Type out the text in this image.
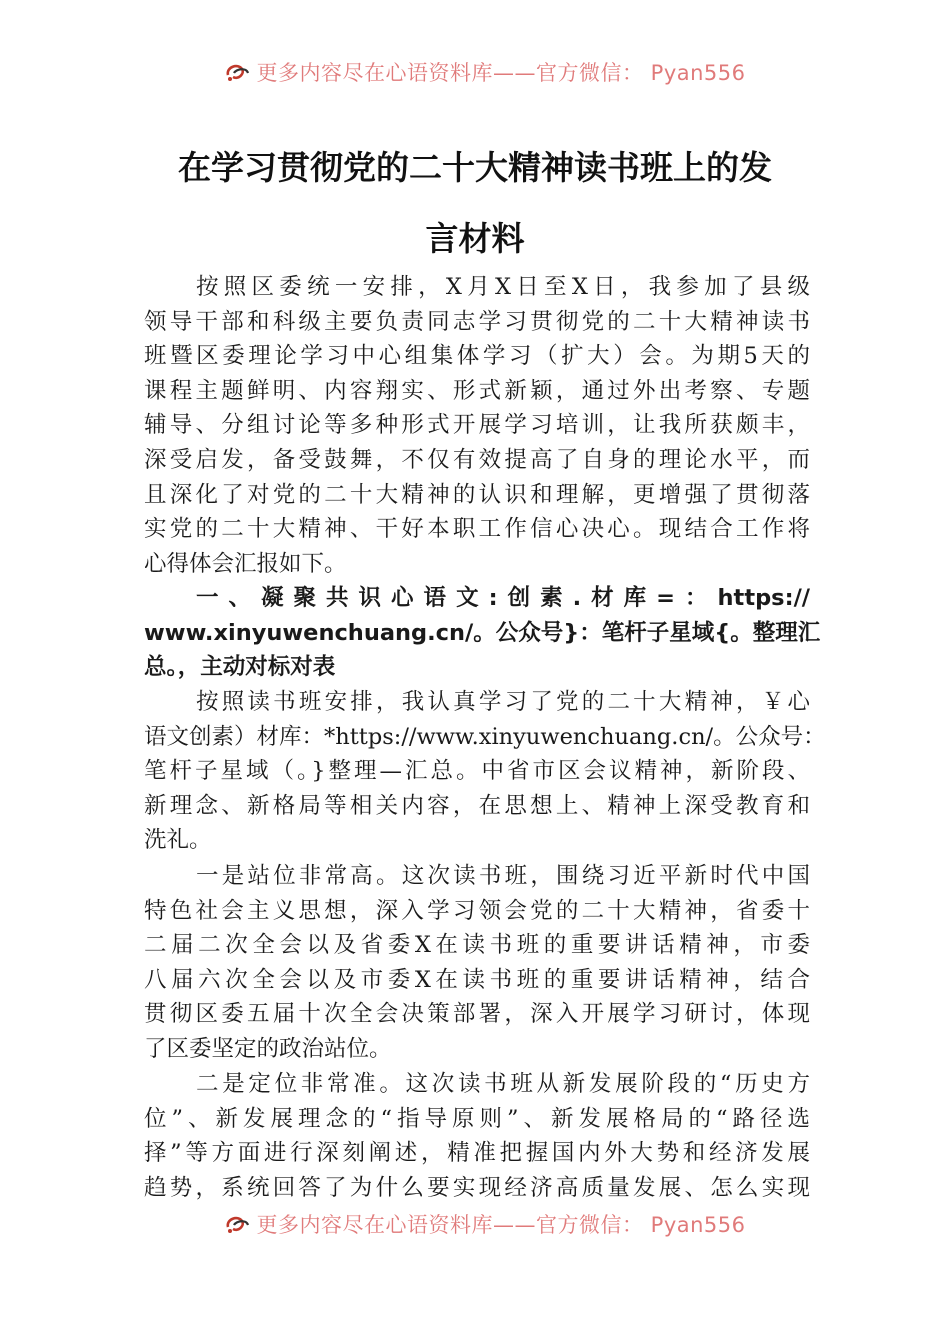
更多内容尽在心语资料库——官方微信： Pyan556
在学习贯彻党的二十大精神读书班上的发
言材料
按照区委统一安排，X月X日至X日，我参加了县级
领导干部和科级主要负责同志学习贯彻党的二十大精神读书
班暨区委理论学习中心组集体学习（扩大）会。为期5天的
课程主题鲜明、内容翔实、形式新颖，通过外出考察、专题
辅导、分组讨论等多种形式开展学习培训，让我所获颇丰，
深受启发，备受鼓舞，不仅有效提高了自身的理论水平，而
且深化了对党的二十大精神的认识和理解，更增强了贯彻落
实党的二十大精神、干好本职工作信心决心。现结合工作将
心得体会汇报如下。
一、凝聚共识心语文:创素.材库=：https://
www.xinyuwenchuang.cn/。公众号}：笔杆子星域{。整理汇
总。，主动对标对表
按照读书班安排，我认真学习了党的二十大精神，￥心
语文创素）材库：*https://www.xinyuwenchuang.cn/。公众号：
笔杆子星域（。}整理—汇总。中省市区会议精神，新阶段、
新理念、新格局等相关内容，在思想上、精神上深受教育和
洗礼。
一是站位非常高。这次读书班，围绕习近平新时代中国
特色社会主义思想，深入学习领会党的二十大精神，省委十
二届二次全会以及省委X在读书班的重要讲话精神，市委
八届六次全会以及市委X在读书班的重要讲话精神，结合
贯彻区委五届十次全会决策部署，深入开展学习研讨，体现
了区委坚定的政治站位。
二是定位非常准。这次读书班从新发展阶段的“历史方
位”、新发展理念的“指导原则”、新发展格局的“路径选
择”等方面进行深刻阐述，精准把握国内外大势和经济发展
趋势，系统回答了为什么要实现经济高质量发展、怎么实现
更多内容尽在心语资料库——官方微信： Pyan556
